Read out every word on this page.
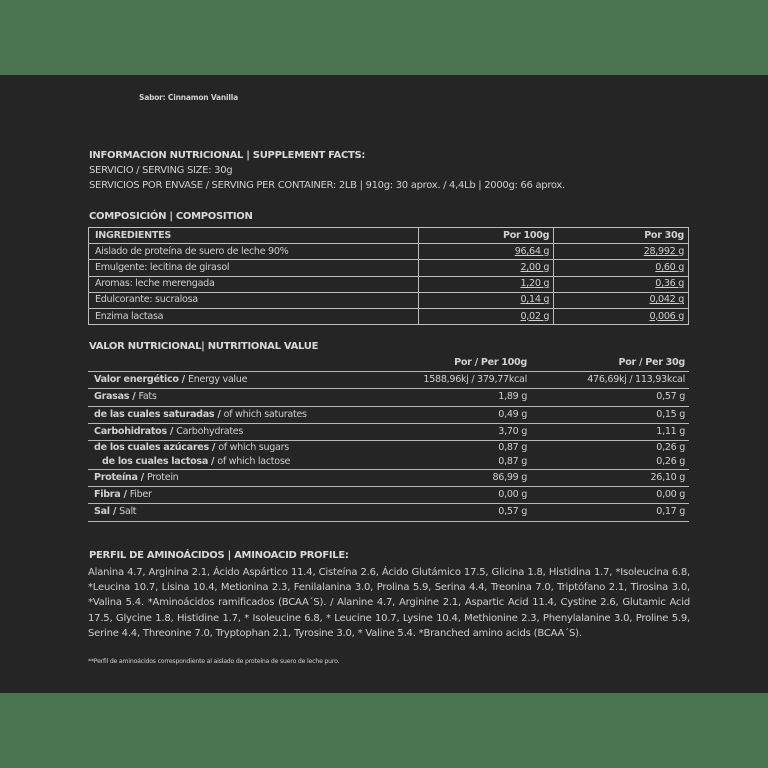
Sabor: Cinnamon Vanilla
INFORMACION NUTRICIONAL | SUPPLEMENT FACTS:
SERVICIO / SERVING SIZE: 30g
SERVICIOS POR ENVASE / SERVING PER CONTAINER: 2LB | 910g: 30 aprox. / 4,4Lb | 2000g: 66 aprox.
COMPOSICIÓN | COMPOSITION
INGREDIENTES	Por 100g	Por 30g
Aislado de proteína de suero de leche 90%	96,64 g	28,992 g
Emulgente: lecitina de girasol	2,00 g	0,60 g
Aromas: leche merengada	1,20 g	0,36 g
Edulcorante: sucralosa	0,14 g	0,042 g
Enzima lactasa	0,02 g	0,006 g
VALOR NUTRICIONAL| NUTRITIONAL VALUE
	Por / Per 100g	Por / Per 30g
Valor energético / Energy value	1588,96kj / 379,77kcal	476,69kj / 113,93kcal
Grasas / Fats	1,89 g	0,57 g
de las cuales saturadas / of which saturates	0,49 g	0,15 g
Carbohidratos / Carbohydrates	3,70 g	1,11 g
de los cuales azúcares / of which sugars	0,87 g	0,26 g
de los cuales lactosa / of which lactose	0,87 g	0,26 g
Proteína / Protein	86,99 g	26,10 g
Fibra / Fiber	0,00 g	0,00 g
Sal / Salt	0,57 g	0,17 g
PERFIL DE AMINOÁCIDOS | AMINOACID PROFILE:
Alanina 4.7, Arginina 2.1, Ácido Aspártico 11.4, Cisteína 2.6, Ácido Glutámico 17.5, Glicina 1.8, Histidina 1.7, *Isoleucina 6.8, *Leucina 10.7, Lisina 10.4, Metionina 2.3, Fenilalanina 3.0, Prolina 5.9, Serina 4.4, Treonina 7.0, Triptófano 2.1, Tirosina 3.0, *Valina 5.4. *Aminoácidos ramificados (BCAA´S). / Alanine 4.7, Arginine 2.1, Aspartic Acid 11.4, Cystine 2.6, Glutamic Acid 17.5, Glycine 1.8, Histidine 1.7, * Isoleucine 6.8, * Leucine 10.7, Lysine 10.4, Methionine 2.3, Phenylalanine 3.0, Proline 5.9, Serine 4.4, Threonine 7.0, Tryptophan 2.1, Tyrosine 3.0, * Valine 5.4. *Branched amino acids (BCAA´S).
**Perfil de aminoácidos correspondiente al aislado de proteína de suero de leche puro.
